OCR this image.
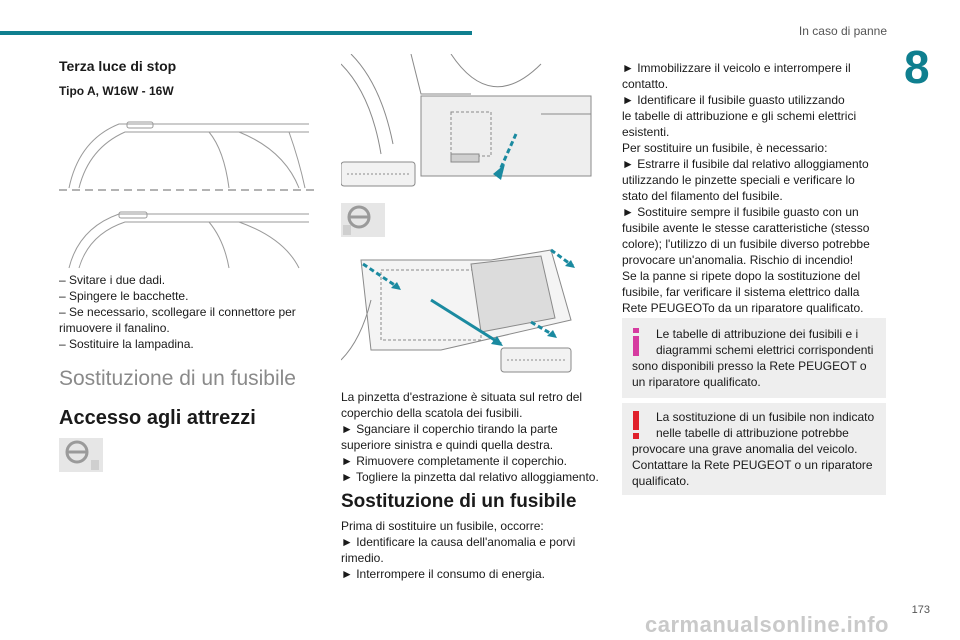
In caso di panne
8
Terza luce di stop
Tipo A, W16W - 16W
– Svitare i due dadi.
– Spingere le bacchette.
– Se necessario, scollegare il connettore per
rimuovere il fanalino.
– Sostituire la lampadina.
Sostituzione di un fusibile
Accesso agli attrezzi
La pinzetta d'estrazione è situata sul retro del
coperchio della scatola dei fusibili.
► Sganciare il coperchio tirando la parte
superiore sinistra e quindi quella destra.
► Rimuovere completamente il coperchio.
► Togliere la pinzetta dal relativo alloggiamento.
Sostituzione di un fusibile
Prima di sostituire un fusibile, occorre:
► Identificare la causa dell'anomalia e porvi
rimedio.
► Interrompere il consumo di energia.
► Immobilizzare il veicolo e interrompere il
contatto.
► Identificare il fusibile guasto utilizzando
le tabelle di attribuzione e gli schemi elettrici
esistenti.
Per sostituire un fusibile, è necessario:
► Estrarre il fusibile dal relativo alloggiamento
utilizzando le pinzette speciali e verificare lo
stato del filamento del fusibile.
► Sostituire sempre il fusibile guasto con un
fusibile avente le stesse caratteristiche (stesso
colore); l'utilizzo di un fusibile diverso potrebbe
provocare un'anomalia. Rischio di incendio!
Se la panne si ripete dopo la sostituzione del
fusibile, far verificare il sistema elettrico dalla
Rete PEUGEOTo da un riparatore qualificato.
Le tabelle di attribuzione dei fusibili e i
diagrammi schemi elettrici corrispondenti
sono disponibili presso la Rete PEUGEOT o
un riparatore qualificato.
La sostituzione di un fusibile non indicato
nelle tabelle di attribuzione potrebbe
provocare una grave anomalia del veicolo.
Contattare la Rete PEUGEOT o un riparatore
qualificato.
173
carmanualsonline.info
